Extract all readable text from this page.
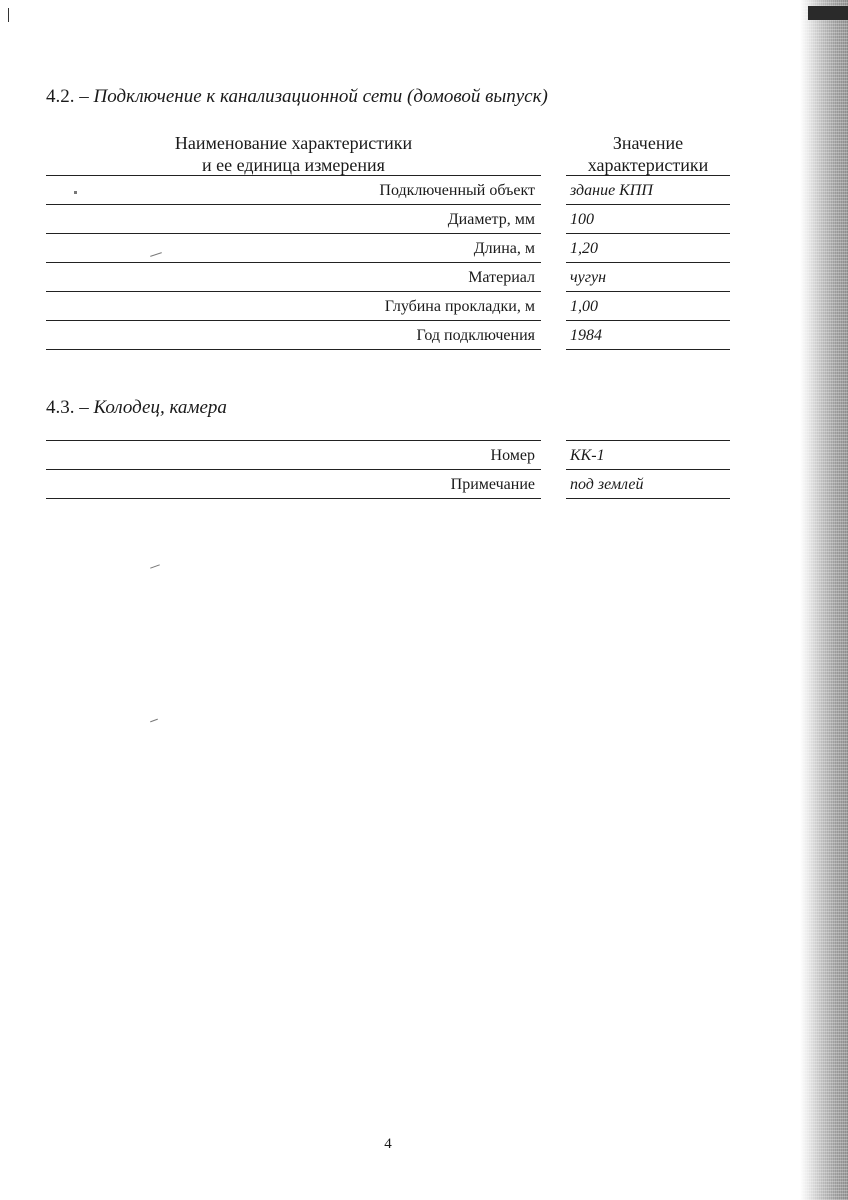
4.2. – Подключение к канализационной сети (домовой выпуск)
Наименование характеристики
и ее единица измерения
Значение
характеристики
Подключенный объект	здание КПП
Диаметр, мм	100
Длина, м	1,20
Материал	чугун
Глубина прокладки, м	1,00
Год подключения	1984
4.3. – Колодец, камера
Номер	КК-1
Примечание	под землей
4
